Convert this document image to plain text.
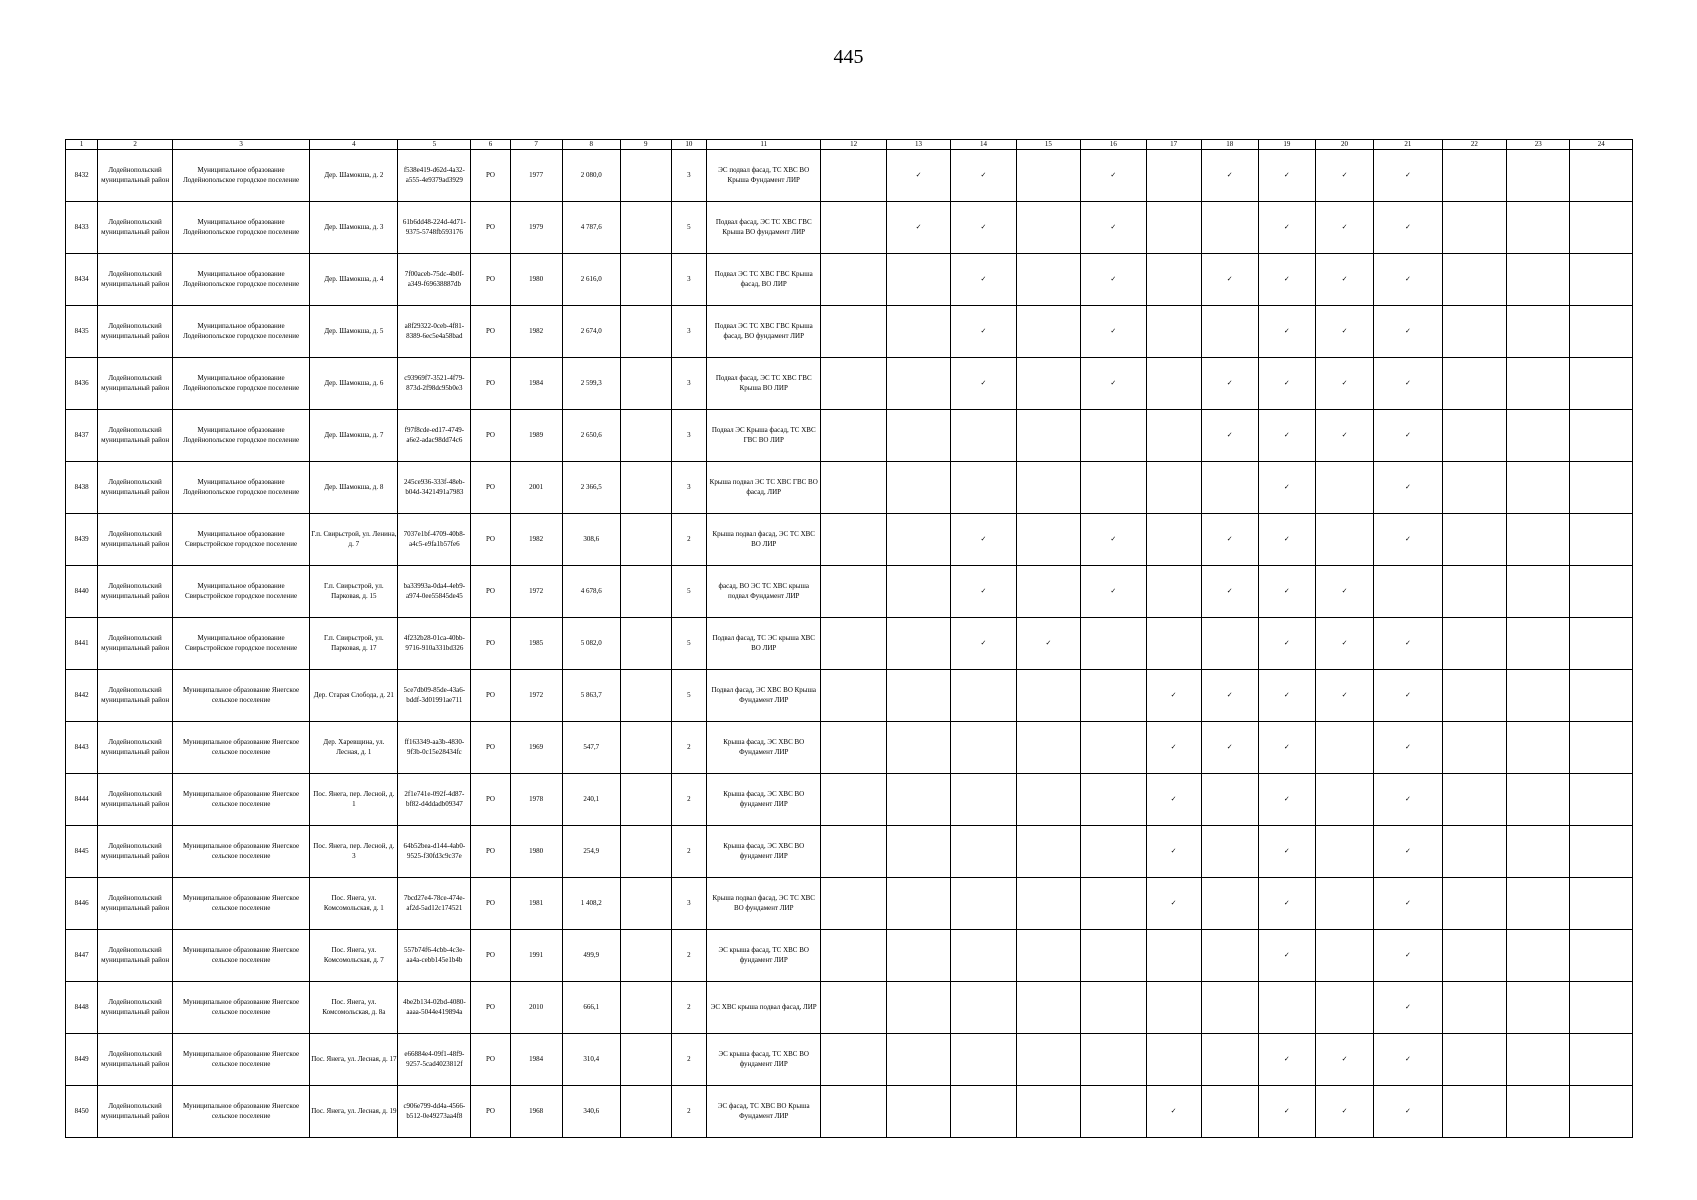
445
1	2	3	4	5	6	7	8	9	10	11	12	13	14	15	16	17	18	19	20	21	22	23	24
8432	Лодейнопольский муниципальный район	Муниципальное образование Лодейнопольское городское поселение	Дер. Шамокша, д. 2	f538e419-d62d-4a32-a555-4e9379ad3929	РО	1977	2 080,0		3	ЭС подвал фасад, ТС ХВС ВО Крыша Фундамент ЛИР		✓	✓		✓		✓	✓	✓	✓			
8433	Лодейнопольский муниципальный район	Муниципальное образование Лодейнопольское городское поселение	Дер. Шамокша, д. 3	61b6dd48-224d-4d71-9375-5748fb593176	РО	1979	4 787,6		5	Подвал фасад, ЭС ТС ХВС ГВС Крыша ВО фундамент ЛИР		✓	✓		✓			✓	✓	✓			
8434	Лодейнопольский муниципальный район	Муниципальное образование Лодейнопольское городское поселение	Дер. Шамокша, д. 4	7f00aceb-75dc-4b0f-a349-f69638887db	РО	1980	2 616,0		3	Подвал ЭС ТС ХВС ГВС Крыша фасад, ВО ЛИР			✓		✓		✓	✓	✓	✓			
8435	Лодейнопольский муниципальный район	Муниципальное образование Лодейнопольское городское поселение	Дер. Шамокша, д. 5	a8f29322-0ceb-4f81-8389-6ec5e4a58bad	РО	1982	2 674,0		3	Подвал ЭС ТС ХВС ГВС Крыша фасад, ВО фундамент ЛИР			✓		✓			✓	✓	✓			
8436	Лодейнопольский муниципальный район	Муниципальное образование Лодейнопольское городское поселение	Дер. Шамокша, д. 6	c93969f7-3521-4f79-873d-2f98dc95b0e3	РО	1984	2 599,3		3	Подвал фасад, ЭС ТС ХВС ГВС Крыша ВО ЛИР			✓		✓		✓	✓	✓	✓			
8437	Лодейнопольский муниципальный район	Муниципальное образование Лодейнопольское городское поселение	Дер. Шамокша, д. 7	f97f8cde-ed17-4749-a6e2-adac98dd74c6	РО	1989	2 650,6		3	Подвал ЭС Крыша фасад, ТС ХВС ГВС ВО ЛИР							✓	✓	✓	✓			
8438	Лодейнопольский муниципальный район	Муниципальное образование Лодейнопольское городское поселение	Дер. Шамокша, д. 8	245ce936-333f-48eb-b04d-3421491a7983	РО	2001	2 366,5		3	Крыша подвал ЭС ТС ХВС ГВС ВО фасад, ЛИР								✓		✓			
8439	Лодейнопольский муниципальный район	Муниципальное образование Свирьстройское городское поселение	Г.п. Свирьстрой, ул. Ленина, д. 7	7037e1bf-4709-40b8-a4c5-e9fa1b57fe6	РО	1982	308,6		2	Крыша подвал фасад, ЭС ТС ХВС ВО ЛИР			✓		✓		✓	✓		✓			
8440	Лодейнопольский муниципальный район	Муниципальное образование Свирьстройское городское поселение	Г.п. Свирьстрой, ул. Парковая, д. 15	ba33993a-0da4-4eb9-a974-0ee55845de45	РО	1972	4 678,6		5	фасад, ВО ЭС ТС ХВС крыша подвал Фундамент ЛИР			✓		✓		✓	✓	✓				
8441	Лодейнопольский муниципальный район	Муниципальное образование Свирьстройское городское поселение	Г.п. Свирьстрой, ул. Парковая, д. 17	4f232b28-01ca-40bb-9716-910a331bd326	РО	1985	5 082,0		5	Подвал фасад, ТС ЭС крыша ХВС ВО ЛИР			✓	✓				✓	✓	✓			
8442	Лодейнопольский муниципальный район	Муниципальное образование Янегское сельское поселение	Дер. Старая Слобода, д. 21	5ce7db09-85de-43a6-bddf-3d01991ae711	РО	1972	5 863,7		5	Подвал фасад, ЭС ХВС ВО Крыша Фундамент ЛИР						✓	✓	✓	✓	✓			
8443	Лодейнопольский муниципальный район	Муниципальное образование Янегское сельское поселение	Дер. Харевщина, ул. Лесная, д. 1	ff163349-aa3b-4830-9f3b-0c15e28434fc	РО	1969	547,7		2	Крыша фасад, ЭС ХВС ВО Фундамент ЛИР						✓	✓	✓		✓			
8444	Лодейнопольский муниципальный район	Муниципальное образование Янегское сельское поселение	Пос. Янега, пер. Лесной, д. 1	2f1e741e-092f-4d87-bf82-d4ddadb09347	РО	1978	240,1		2	Крыша фасад, ЭС ХВС ВО фундамент ЛИР						✓		✓		✓			
8445	Лодейнопольский муниципальный район	Муниципальное образование Янегское сельское поселение	Пос. Янега, пер. Лесной, д. 3	64b52bea-d144-4ab0-9525-f30fd3c9c37e	РО	1980	254,9		2	Крыша фасад, ЭС ХВС ВО фундамент ЛИР						✓		✓		✓			
8446	Лодейнопольский муниципальный район	Муниципальное образование Янегское сельское поселение	Пос. Янега, ул. Комсомольская, д. 1	7bcd27e4-78ce-474e-af2d-5ad12c174521	РО	1981	1 408,2		3	Крыша подвал фасад, ЭС ТС ХВС ВО фундамент ЛИР						✓		✓		✓			
8447	Лодейнопольский муниципальный район	Муниципальное образование Янегское сельское поселение	Пос. Янега, ул. Комсомольская, д. 7	557b74f6-4cbb-4c3e-aa4a-cebb145e1b4b	РО	1991	499,9		2	ЭС крыша фасад, ТС ХВС ВО фундамент ЛИР								✓		✓			
8448	Лодейнопольский муниципальный район	Муниципальное образование Янегское сельское поселение	Пос. Янега, ул. Комсомольская, д. 8а	4be2b134-02bd-4080-aaaa-5044e419894a	РО	2010	666,1		2	ЭС ХВС крыша подвал фасад, ЛИР										✓			
8449	Лодейнопольский муниципальный район	Муниципальное образование Янегское сельское поселение	Пос. Янега, ул. Лесная, д. 17	e66884e4-09f1-48f9-9257-5cad4023812f	РО	1984	310,4		2	ЭС крыша фасад, ТС ХВС ВО фундамент ЛИР								✓	✓	✓			
8450	Лодейнопольский муниципальный район	Муниципальное образование Янегское сельское поселение	Пос. Янега, ул. Лесная, д. 19	c906e799-dd4a-4566-b512-0e49273aa4f8	РО	1968	340,6		2	ЭС фасад, ТС ХВС ВО Крыша Фундамент ЛИР						✓		✓	✓	✓			
